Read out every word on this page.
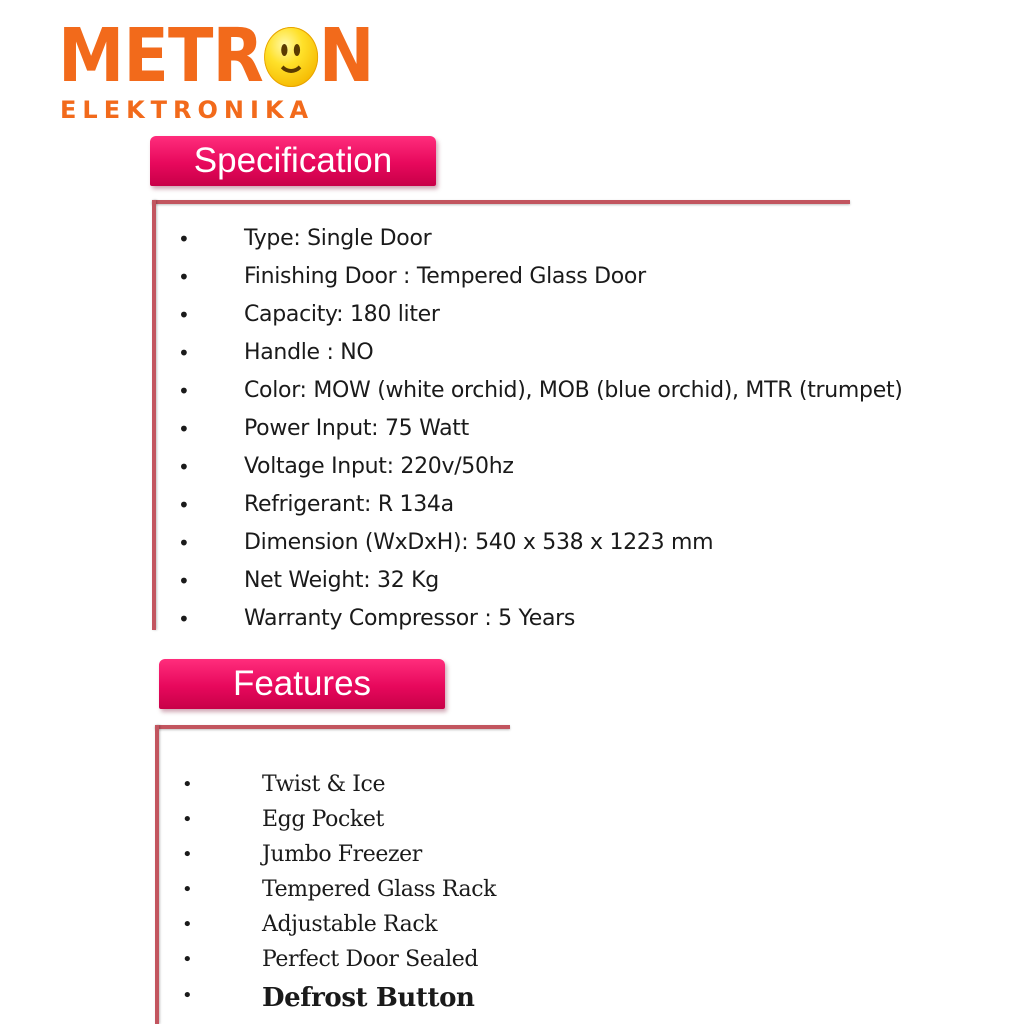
METR N
ELEKTRONIKA
Specification
• Type: Single Door
• Finishing Door : Tempered Glass Door
• Capacity: 180 liter
• Handle : NO
• Color: MOW (white orchid), MOB (blue orchid), MTR (trumpet)
• Power Input: 75 Watt
• Voltage Input: 220v/50hz
• Refrigerant: R 134a
• Dimension (WxDxH): 540 x 538 x 1223 mm
• Net Weight: 32 Kg
• Warranty Compressor : 5 Years
Features
•	Twist & Ice
•	Egg Pocket
•	Jumbo Freezer
•	Tempered Glass Rack
•	Adjustable Rack
•	Perfect Door Sealed
•	Defrost Button
